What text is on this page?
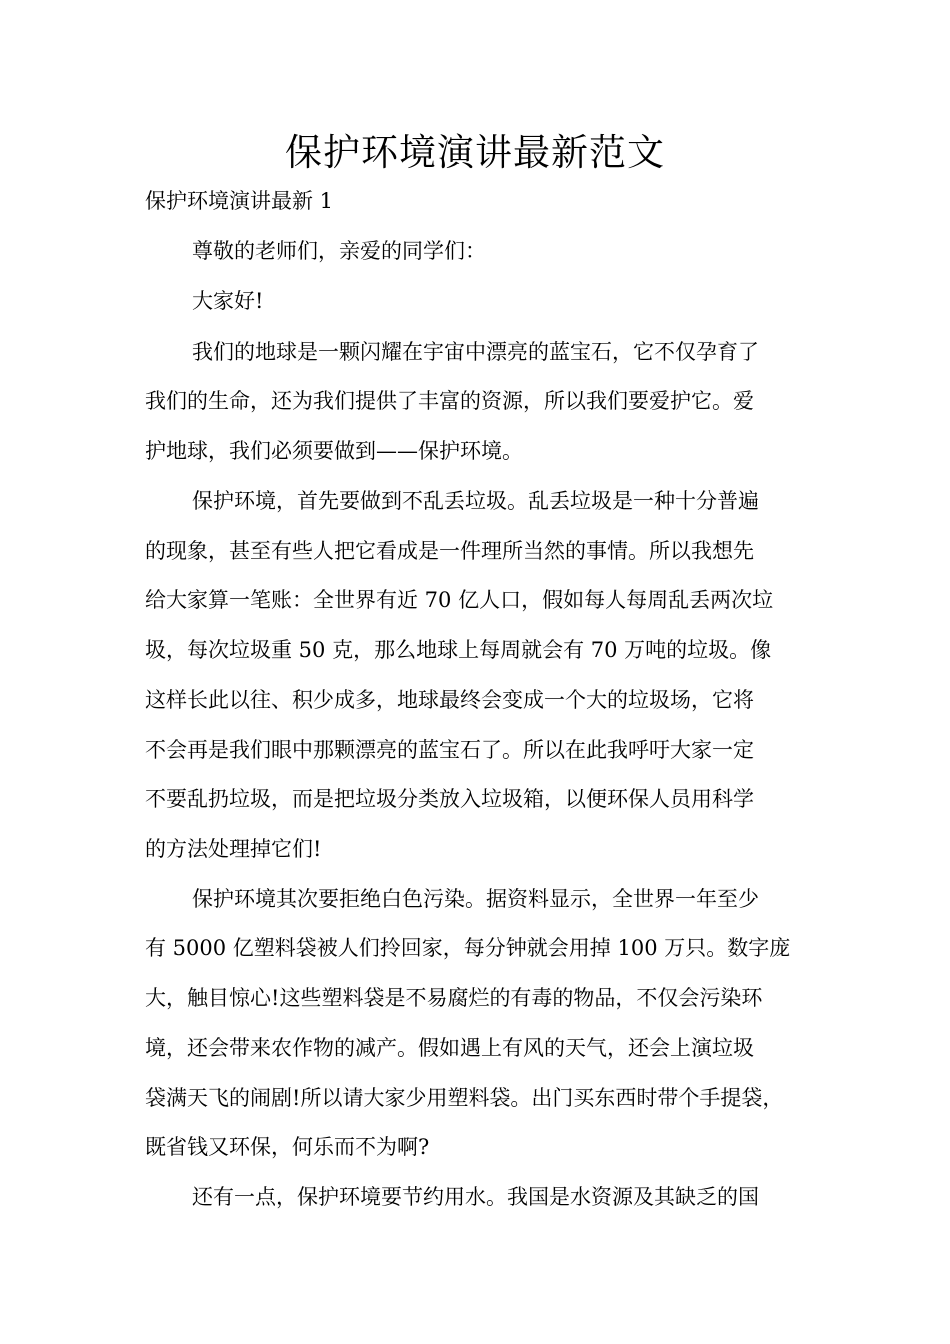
保护环境演讲最新范文

保护环境演讲最新 1

尊敬的老师们，亲爱的同学们：

大家好!

我们的地球是一颗闪耀在宇宙中漂亮的蓝宝石，它不仅孕育了

我们的生命，还为我们提供了丰富的资源，所以我们要爱护它。爱

护地球，我们必须要做到——保护环境。

保护环境，首先要做到不乱丢垃圾。乱丢垃圾是一种十分普遍

的现象，甚至有些人把它看成是一件理所当然的事情。所以我想先

给大家算一笔账：全世界有近 70 亿人口，假如每人每周乱丢两次垃

圾，每次垃圾重 50 克，那么地球上每周就会有 70 万吨的垃圾。像

这样长此以往、积少成多，地球最终会变成一个大的垃圾场，它将

不会再是我们眼中那颗漂亮的蓝宝石了。所以在此我呼吁大家一定

不要乱扔垃圾，而是把垃圾分类放入垃圾箱，以便环保人员用科学

的方法处理掉它们!

保护环境其次要拒绝白色污染。据资料显示，全世界一年至少

有 5000 亿塑料袋被人们拎回家，每分钟就会用掉 100 万只。数字庞

大，触目惊心!这些塑料袋是不易腐烂的有毒的物品，不仅会污染环

境，还会带来农作物的减产。假如遇上有风的天气，还会上演垃圾

袋满天飞的闹剧!所以请大家少用塑料袋。出门买东西时带个手提袋，

既省钱又环保，何乐而不为啊?

还有一点，保护环境要节约用水。我国是水资源及其缺乏的国
